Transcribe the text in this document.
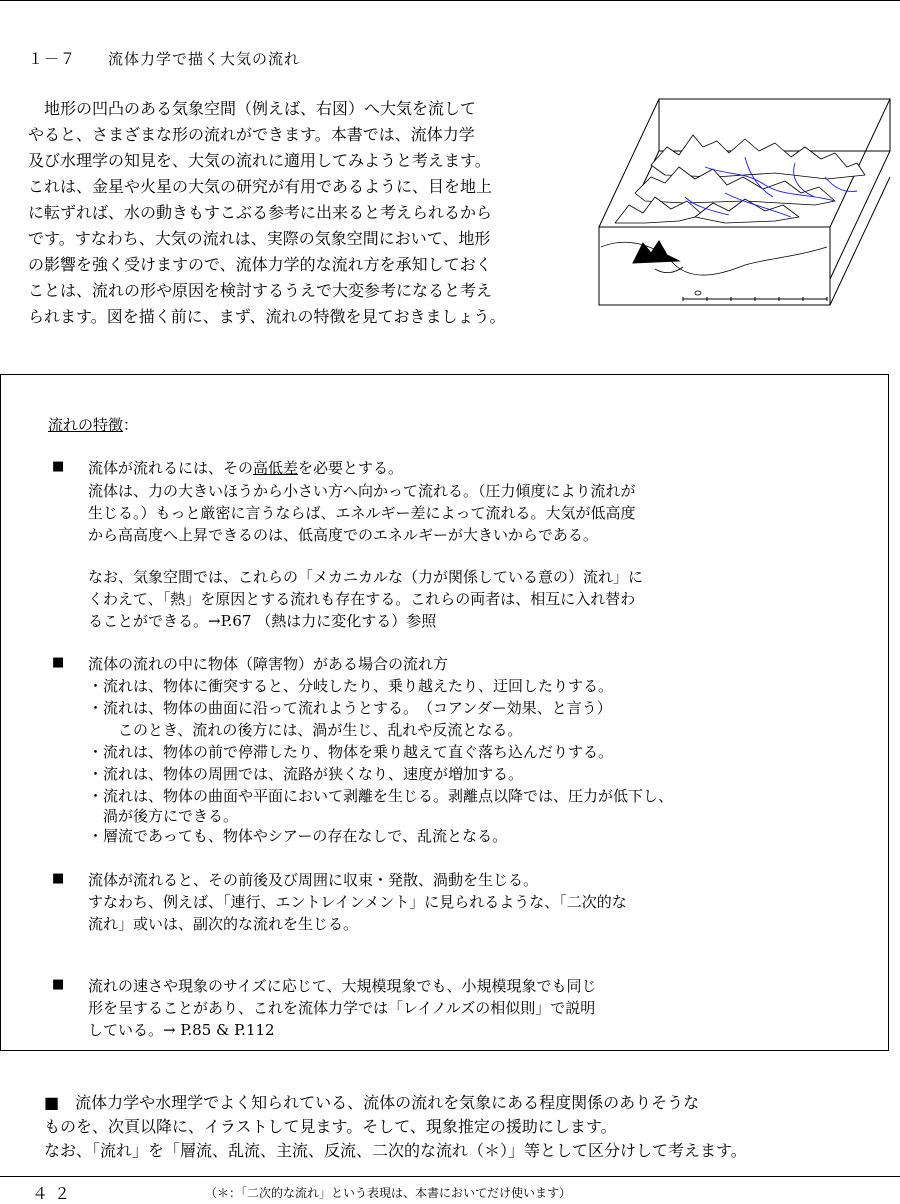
１－７　　流体力学で描く大気の流れ
　地形の凹凸のある気象空間（例えば、右図）へ大気を流して
やると、さまざまな形の流れができます。本書では、流体力学
及び水理学の知見を、大気の流れに適用してみようと考えます。
これは、金星や火星の大気の研究が有用であるように、目を地上
に転ずれば、水の動きもすこぶる参考に出来ると考えられるから
です。すなわち、大気の流れは、実際の気象空間において、地形
の影響を強く受けますので、流体力学的な流れ方を承知しておく
ことは、流れの形や原因を検討するうえで大変参考になると考え
られます。図を描く前に、まず、流れの特徴を見ておきましょう。
流れの特徴：
■ 流体が流れるには、その高低差を必要とする。
流体は、力の大きいほうから小さい方へ向かって流れる。（圧力傾度により流れが
生じる。）もっと厳密に言うならば、エネルギー差によって流れる。大気が低高度
から高高度へ上昇できるのは、低高度でのエネルギーが大きいからである。
なお、気象空間では、これらの「メカニカルな（力が関係している意の）流れ」に
くわえて、「熱」を原因とする流れも存在する。これらの両者は、相互に入れ替わ
ることができる。→P.67 （熱は力に変化する）参照
■ 流体の流れの中に物体（障害物）がある場合の流れ方
・流れは、物体に衝突すると、分岐したり、乗り越えたり、迂回したりする。
・流れは、物体の曲面に沿って流れようとする。　（コアンダー効果、と言う）
　　このとき、流れの後方には、渦が生じ、乱れや反流となる。
・流れは、物体の前で停滞したり、物体を乗り越えて直ぐ落ち込んだりする。
・流れは、物体の周囲では、流路が狭くなり、速度が増加する。
・流れは、物体の曲面や平面において剥離を生じる。剥離点以降では、圧力が低下し、
　渦が後方にできる。
・層流であっても、物体やシアーの存在なしで、乱流となる。
■ 流体が流れると、その前後及び周囲に収束・発散、渦動を生じる。
すなわち、例えば、「連行、エントレインメント」に見られるような、「二次的な
流れ」或いは、副次的な流れを生じる。
■ 流れの速さや現象のサイズに応じて、大規模現象でも、小規模現象でも同じ
形を呈することがあり、これを流体力学では「レイノルズの相似則」で説明
している。→ P.85 & P.112
■　流体力学や水理学でよく知られている、流体の流れを気象にある程度関係のありそうな
ものを、次頁以降に、イラストして見ます。そして、現象推定の援助にします。
なお、「流れ」を「層流、乱流、主流、反流、二次的な流れ（＊）」等として区分けして考えます。
４２	（＊：「二次的な流れ」という表現は、本書においてだけ使います）
